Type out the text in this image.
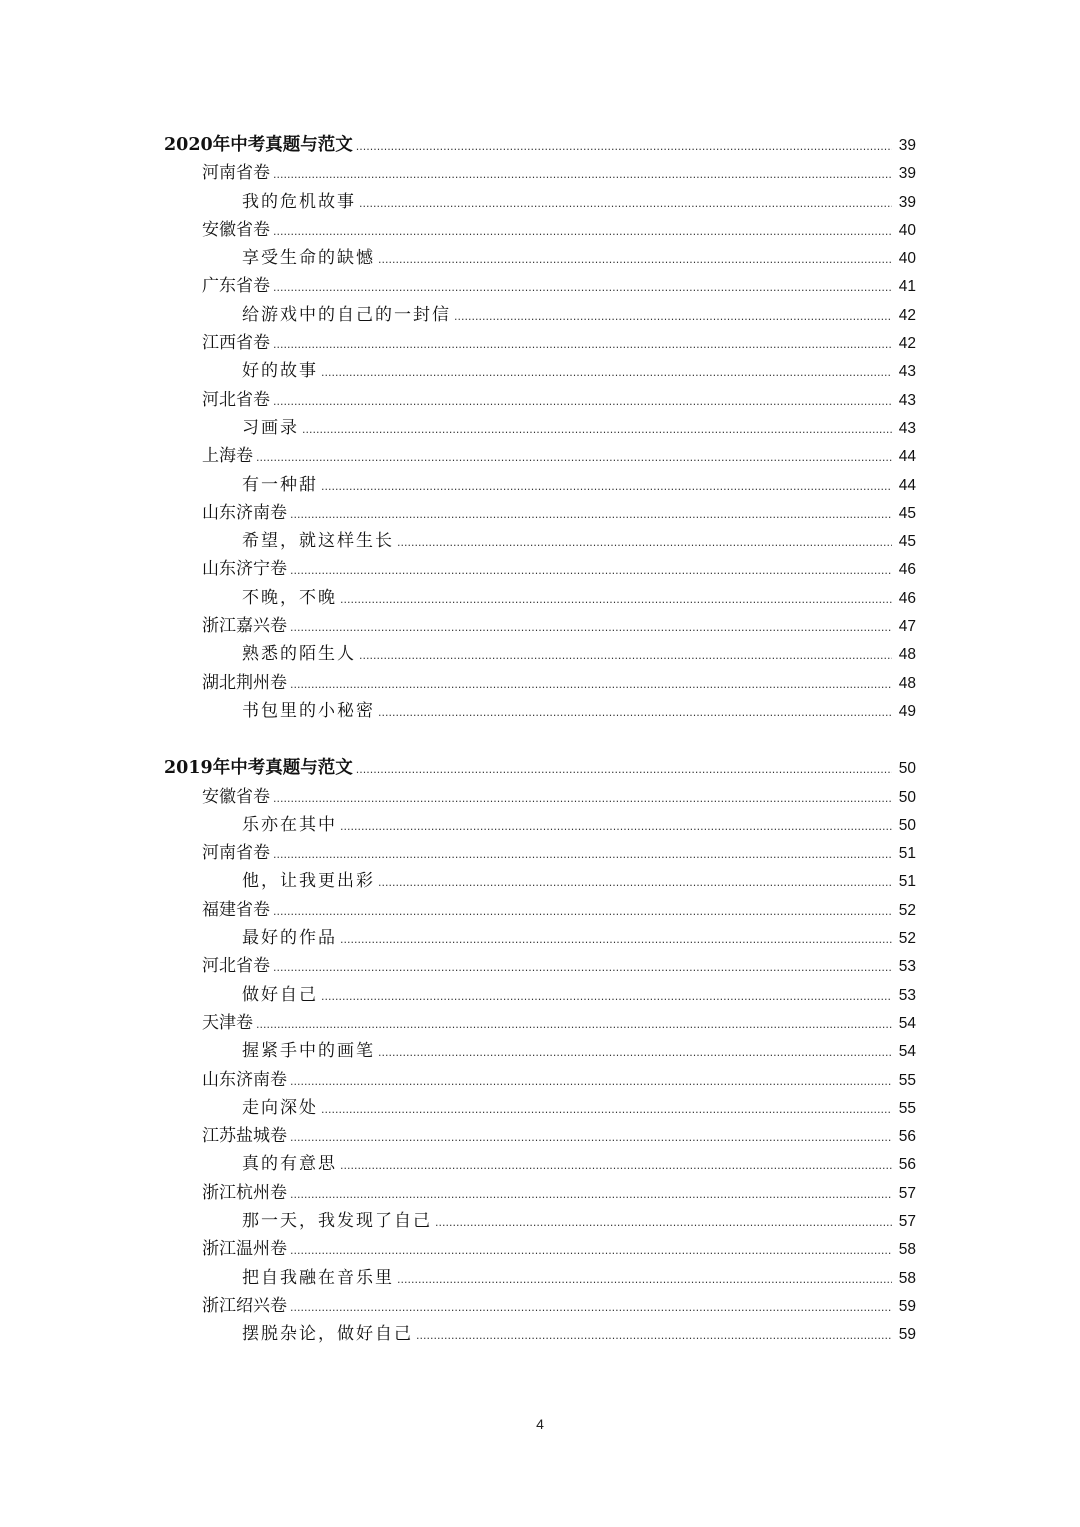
2020年中考真题与范文 .....	39
河南省卷 .....	39
我的危机故事 .....	39
安徽省卷 .....	40
享受生命的缺憾 .....	40
广东省卷 .....	41
给游戏中的自己的一封信 .....	42
江西省卷 .....	42
好的故事 .....	43
河北省卷 .....	43
习画录 .....	43
上海卷 .....	44
有一种甜 .....	44
山东济南卷 .....	45
希望，就这样生长 .....	45
山东济宁卷 .....	46
不晚，不晚 .....	46
浙江嘉兴卷 .....	47
熟悉的陌生人 .....	48
湖北荆州卷 .....	48
书包里的小秘密 .....	49
2019年中考真题与范文 .....	50
安徽省卷 .....	50
乐亦在其中 .....	50
河南省卷 .....	51
他，让我更出彩 .....	51
福建省卷 .....	52
最好的作品 .....	52
河北省卷 .....	53
做好自己 .....	53
天津卷 .....	54
握紧手中的画笔 .....	54
山东济南卷 .....	55
走向深处 .....	55
江苏盐城卷 .....	56
真的有意思 .....	56
浙江杭州卷 .....	57
那一天，我发现了自己 .....	57
浙江温州卷 .....	58
把自我融在音乐里 .....	58
浙江绍兴卷 .....	59
摆脱杂论，做好自己 .....	59
4
